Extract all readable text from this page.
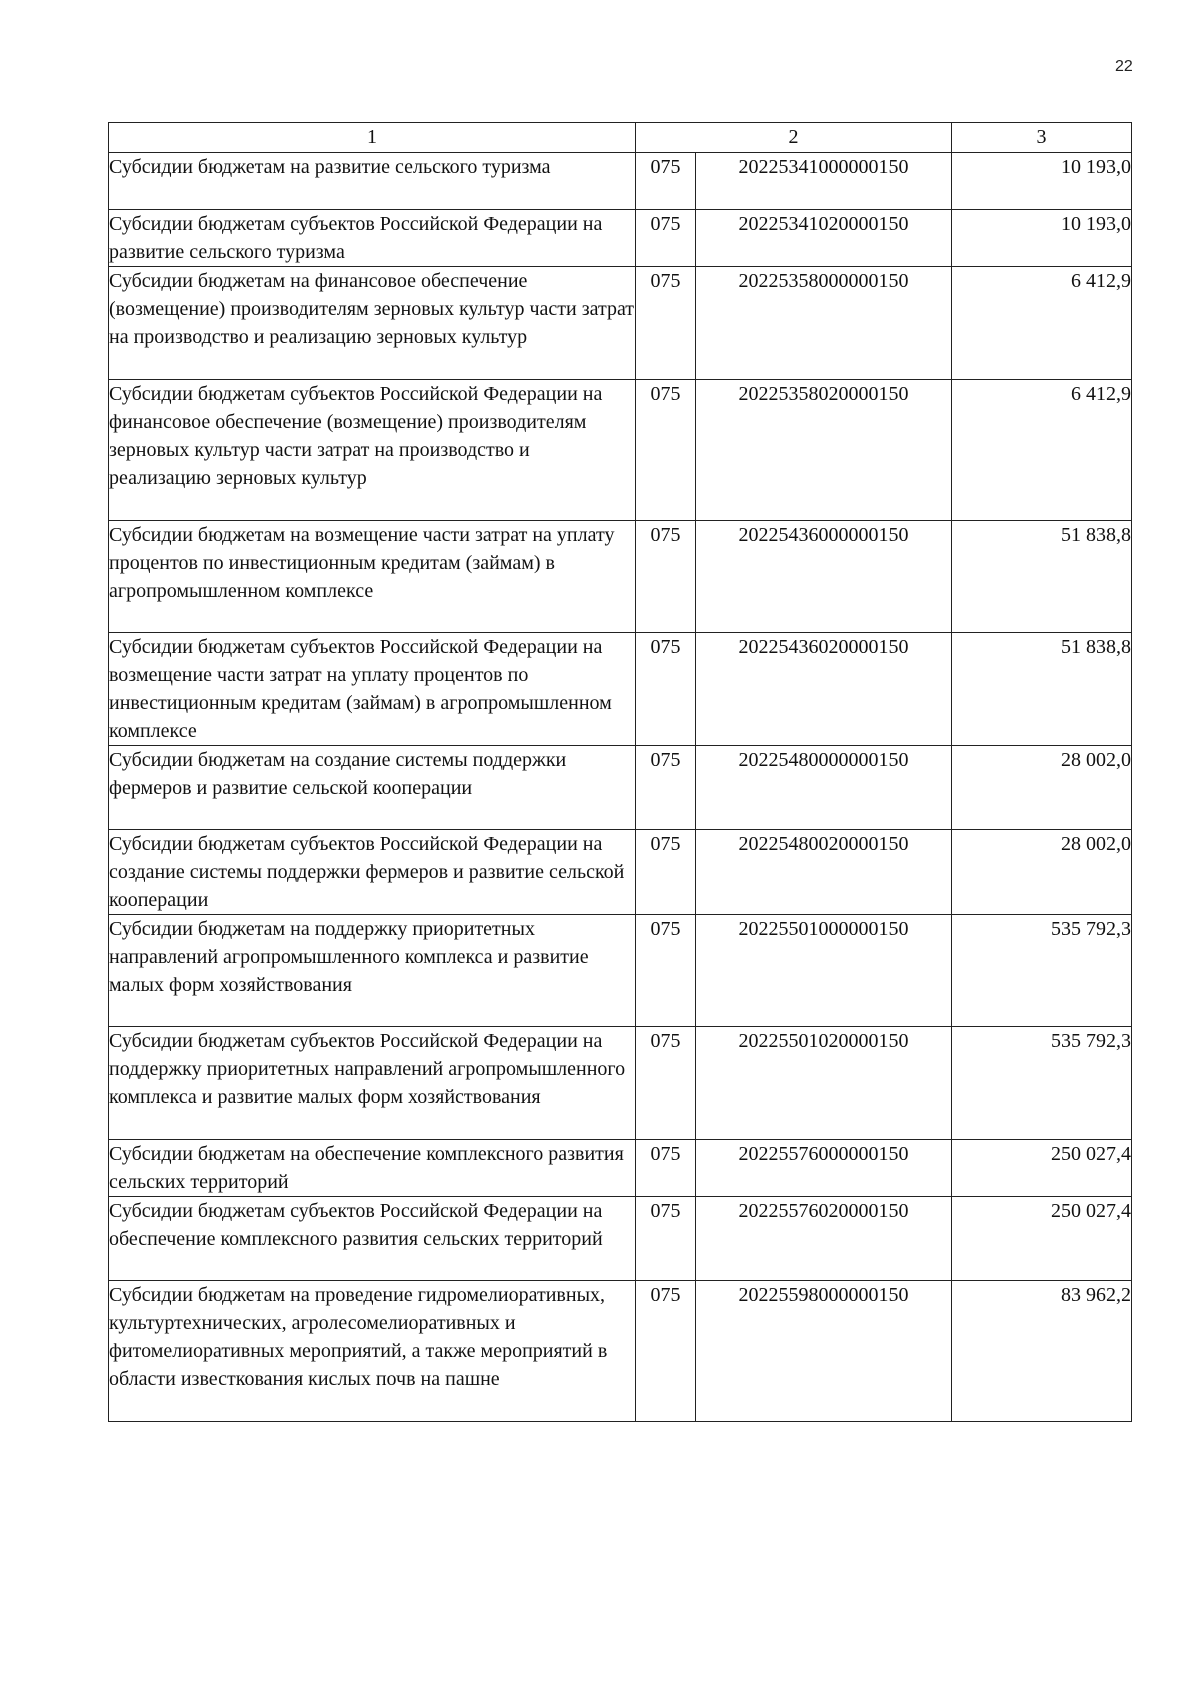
22
1	2		3
Субсидии бюджетам на развитие сельского туризма	075	20225341000000150	10 193,0
Субсидии бюджетам субъектов Российской Федерации на развитие сельского туризма	075	20225341020000150	10 193,0
Субсидии бюджетам на финансовое обеспечение (возмещение) производителям зерновых культур части затрат на производство и реализацию зерновых культур	075	20225358000000150	6 412,9
Субсидии бюджетам субъектов Российской Федерации на финансовое обеспечение (возмещение) производителям зерновых культур части затрат на производство и реализацию зерновых культур	075	20225358020000150	6 412,9
Субсидии бюджетам на возмещение части затрат на уплату процентов по инвестиционным кредитам (займам) в агропромышленном комплексе	075	20225436000000150	51 838,8
Субсидии бюджетам субъектов Российской Федерации на возмещение части затрат на уплату процентов по инвестиционным кредитам (займам) в агропромышленном комплексе	075	20225436020000150	51 838,8
Субсидии бюджетам на создание системы поддержки фермеров и развитие сельской кооперации	075	20225480000000150	28 002,0
Субсидии бюджетам субъектов Российской Федерации на создание системы поддержки фермеров и развитие сельской кооперации	075	20225480020000150	28 002,0
Субсидии бюджетам на поддержку приоритетных направлений агропромышленного комплекса и развитие малых форм хозяйствования	075	20225501000000150	535 792,3
Субсидии бюджетам субъектов Российской Федерации на поддержку приоритетных направлений агропромышленного комплекса и развитие малых форм хозяйствования	075	20225501020000150	535 792,3
Субсидии бюджетам на обеспечение комплексного развития сельских территорий	075	20225576000000150	250 027,4
Субсидии бюджетам субъектов Российской Федерации на обеспечение комплексного развития сельских территорий	075	20225576020000150	250 027,4
Субсидии бюджетам на проведение гидромелиоративных, культуртехнических, агролесомелиоративных и фитомелиоративных мероприятий, а также мероприятий в области известкования кислых почв на пашне	075	20225598000000150	83 962,2
